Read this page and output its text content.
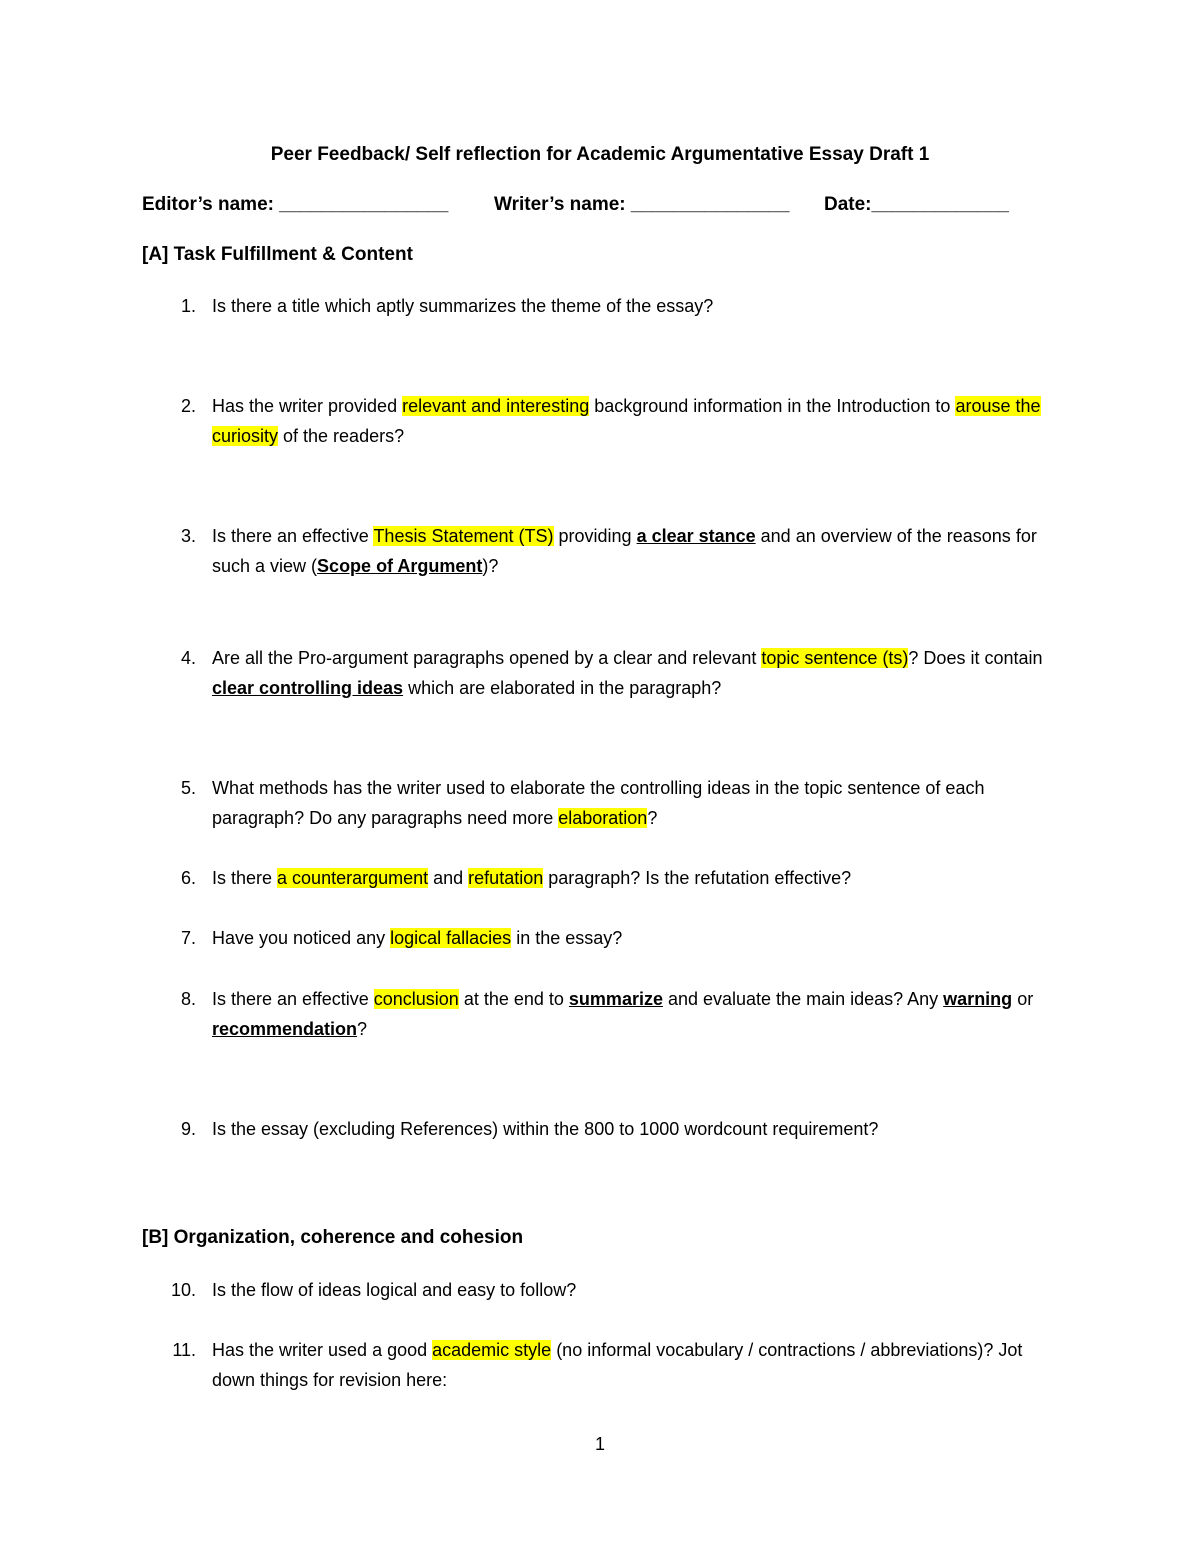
Peer Feedback/ Self reflection for Academic Argumentative Essay Draft 1
Editor’s name: ________________ Writer’s name: _______________ Date:_____________
[A] Task Fulfillment & Content
1. Is there a title which aptly summarizes the theme of the essay?
2. Has the writer provided relevant and interesting background information in the Introduction to arouse the curiosity of the readers?
3. Is there an effective Thesis Statement (TS) providing a clear stance and an overview of the reasons for such a view (Scope of Argument)?
4. Are all the Pro-argument paragraphs opened by a clear and relevant topic sentence (ts)? Does it contain clear controlling ideas which are elaborated in the paragraph?
5. What methods has the writer used to elaborate the controlling ideas in the topic sentence of each paragraph? Do any paragraphs need more elaboration?
6. Is there a counterargument and refutation paragraph? Is the refutation effective?
7. Have you noticed any logical fallacies in the essay?
8. Is there an effective conclusion at the end to summarize and evaluate the main ideas? Any warning or recommendation?
9. Is the essay (excluding References) within the 800 to 1000 wordcount requirement?
[B] Organization, coherence and cohesion
10. Is the flow of ideas logical and easy to follow?
11. Has the writer used a good academic style (no informal vocabulary / contractions / abbreviations)? Jot down things for revision here:
1
